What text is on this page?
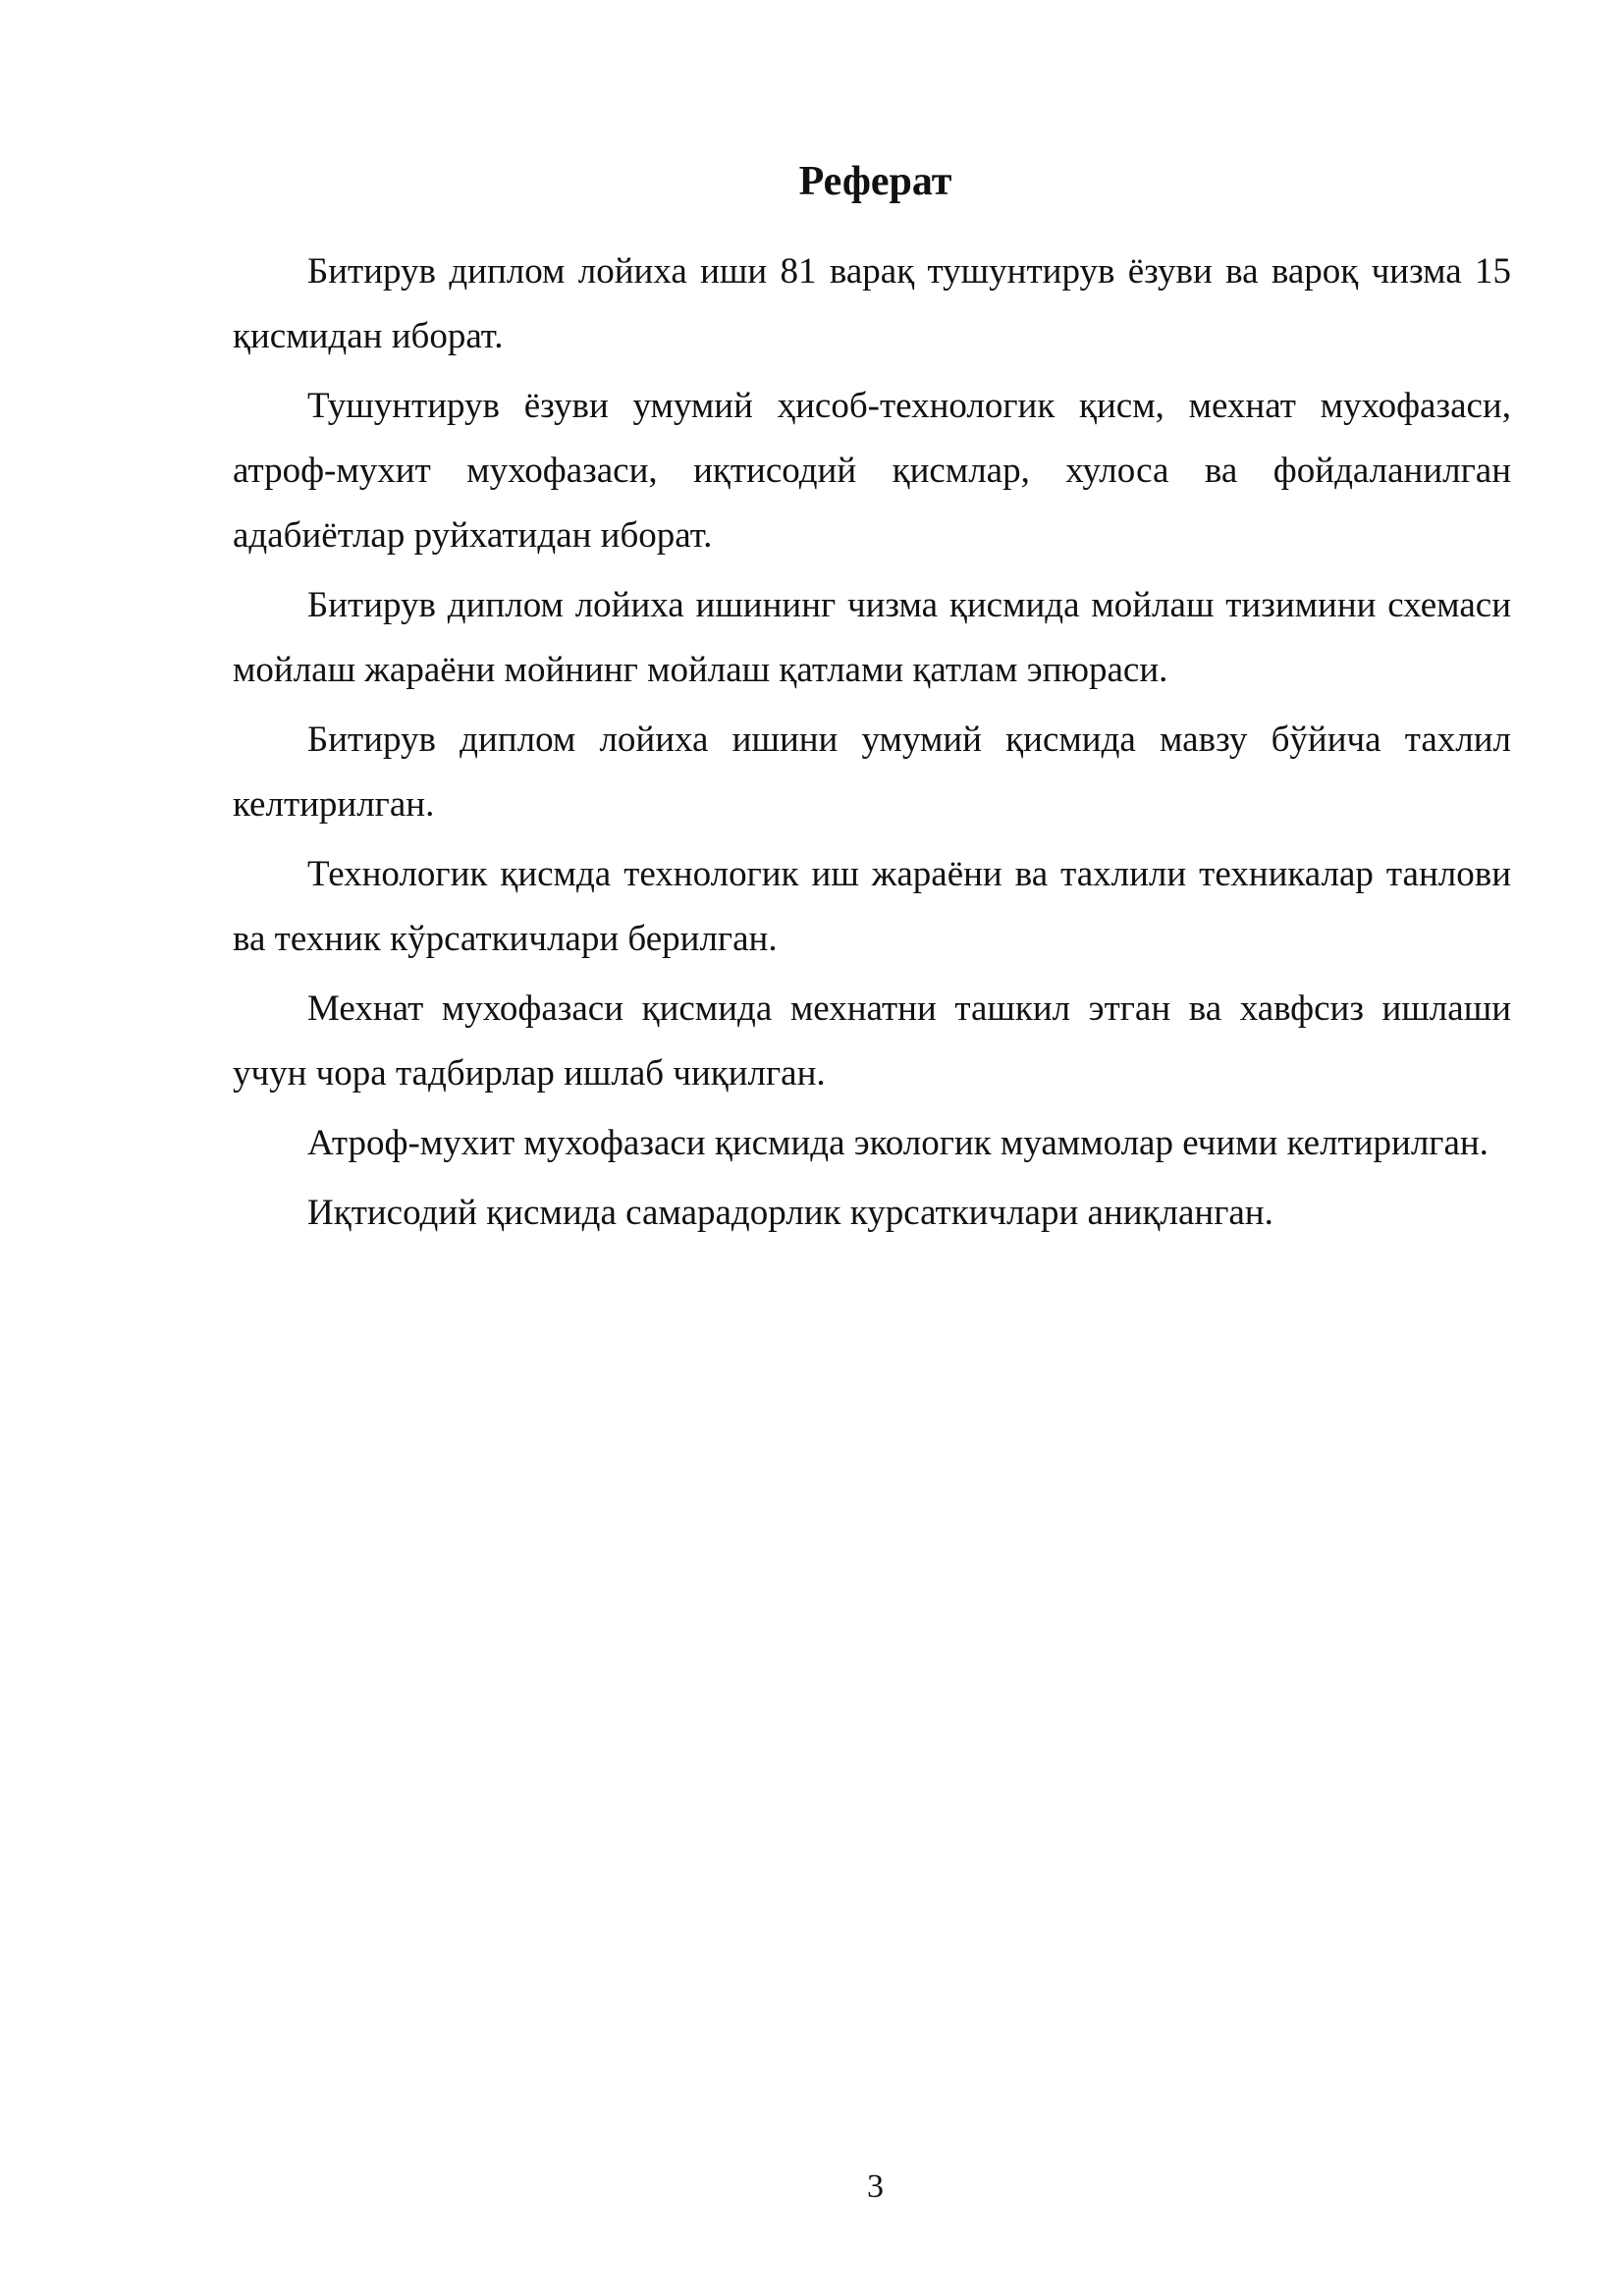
Реферат

Битирув диплом лойиха иши 81 варақ тушунтирув ёзуви ва вароқ чизма 15 қисмидан иборат.

Тушунтирув ёзуви умумий ҳисоб-технологик қисм, мехнат мухофазаси, атроф-мухит мухофазаси, иқтисодий қисмлар, хулоса ва фойдаланилган адабиётлар руйхатидан иборат.

Битирув диплом лойиха ишининг чизма қисмида мойлаш тизимини схемаси мойлаш жараёни мойнинг мойлаш қатлами қатлам эпюраси.

Битирув диплом лойиха ишини умумий қисмида мавзу бўйича тахлил келтирилган.

Технологик қисмда технологик иш жараёни ва тахлили техникалар танлови ва техник кўрсаткичлари берилган.

Мехнат мухофазаси қисмида мехнатни ташкил этган ва хавфсиз ишлаши учун чора тадбирлар ишлаб чиқилган.

Атроф-мухит мухофазаси қисмида экологик муаммолар ечими келтирилган.

Иқтисодий қисмида самарадорлик курсаткичлари аниқланган.

3
